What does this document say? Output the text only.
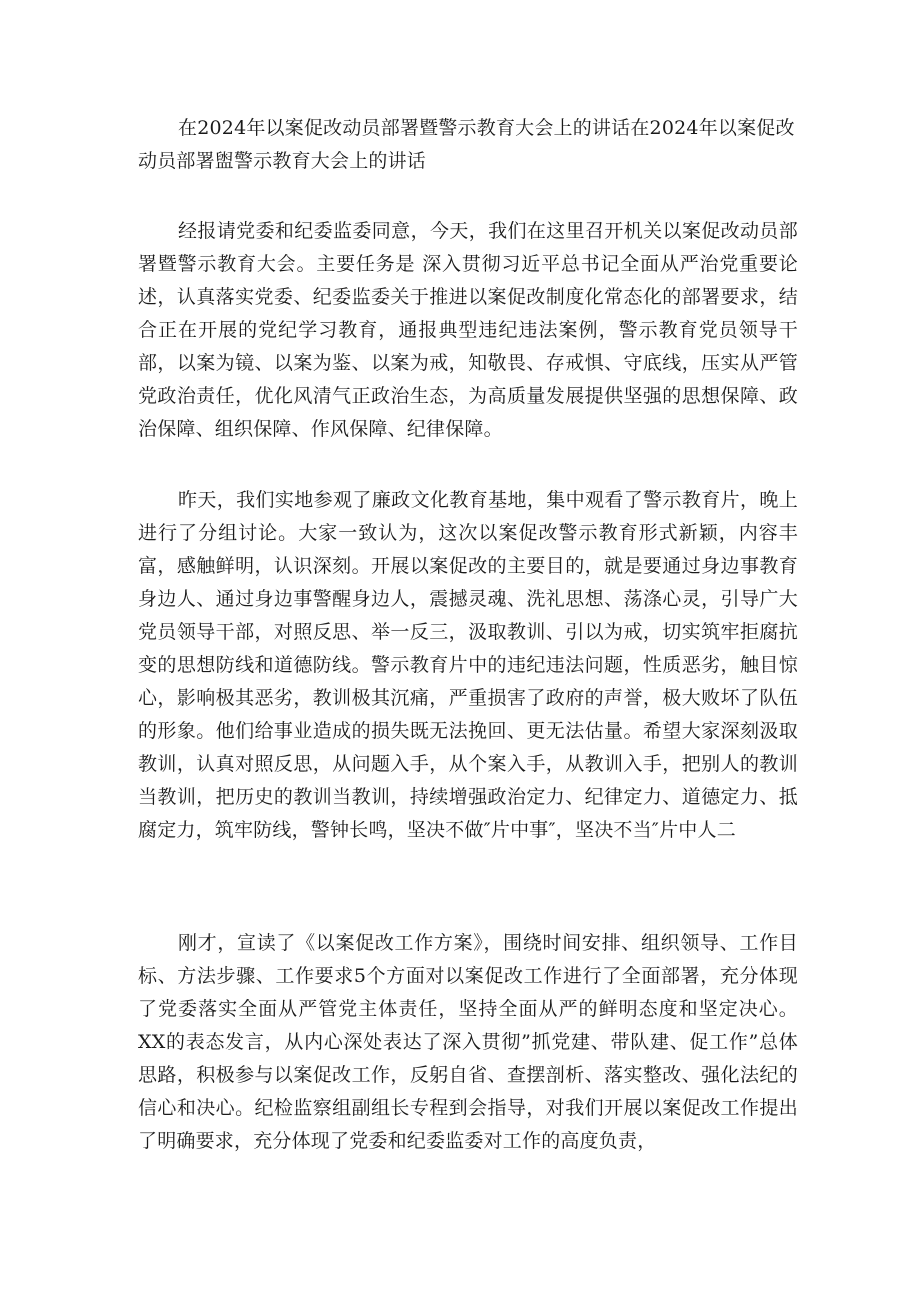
在2024年以案促改动员部署暨警示教育大会上的讲话在2024年以案促改动员部署盥警示教育大会上的讲话

经报请党委和纪委监委同意，今天，我们在这里召开机关以案促改动员部署暨警示教育大会。主要任务是 深入贯彻习近平总书记全面从严治党重要论述，认真落实党委、纪委监委关于推进以案促改制度化常态化的部署要求，结合正在开展的党纪学习教育，通报典型违纪违法案例，警示教育党员领导干部，以案为镜、以案为鉴、以案为戒，知敬畏、存戒惧、守底线，压实从严管党政治责任，优化风清气正政治生态，为高质量发展提供坚强的思想保障、政治保障、组织保障、作风保障、纪律保障。

昨天，我们实地参观了廉政文化教育基地，集中观看了警示教育片，晚上进行了分组讨论。大家一致认为，这次以案促改警示教育形式新颖，内容丰富，感触鲜明，认识深刻。开展以案促改的主要目的，就是要通过身边事教育身边人、通过身边事警醒身边人，震撼灵魂、洗礼思想、荡涤心灵，引导广大党员领导干部，对照反思、举一反三，汲取教训、引以为戒，切实筑牢拒腐抗变的思想防线和道德防线。警示教育片中的违纪违法问题，性质恶劣，触目惊心，影响极其恶劣，教训极其沉痛，严重损害了政府的声誉，极大败坏了队伍的形象。他们给事业造成的损失既无法挽回、更无法估量。希望大家深刻汲取教训，认真对照反思，从问题入手，从个案入手，从教训入手，把别人的教训当教训，把历史的教训当教训，持续增强政治定力、纪律定力、道德定力、抵腐定力，筑牢防线，警钟长鸣，坚决不做″片中事″，坚决不当″片中人二

刚才，宣读了《以案促改工作方案》，围绕时间安排、组织领导、工作目标、方法步骤、工作要求5个方面对以案促改工作进行了全面部署，充分体现了党委落实全面从严管党主体责任，坚持全面从严的鲜明态度和坚定决心。XX的表态发言，从内心深处表达了深入贯彻”抓党建、带队建、促工作”总体思路，积极参与以案促改工作，反躬自省、查摆剖析、落实整改、强化法纪的信心和决心。纪检监察组副组长专程到会指导，对我们开展以案促改工作提出了明确要求，充分体现了党委和纪委监委对工作的高度负责，
